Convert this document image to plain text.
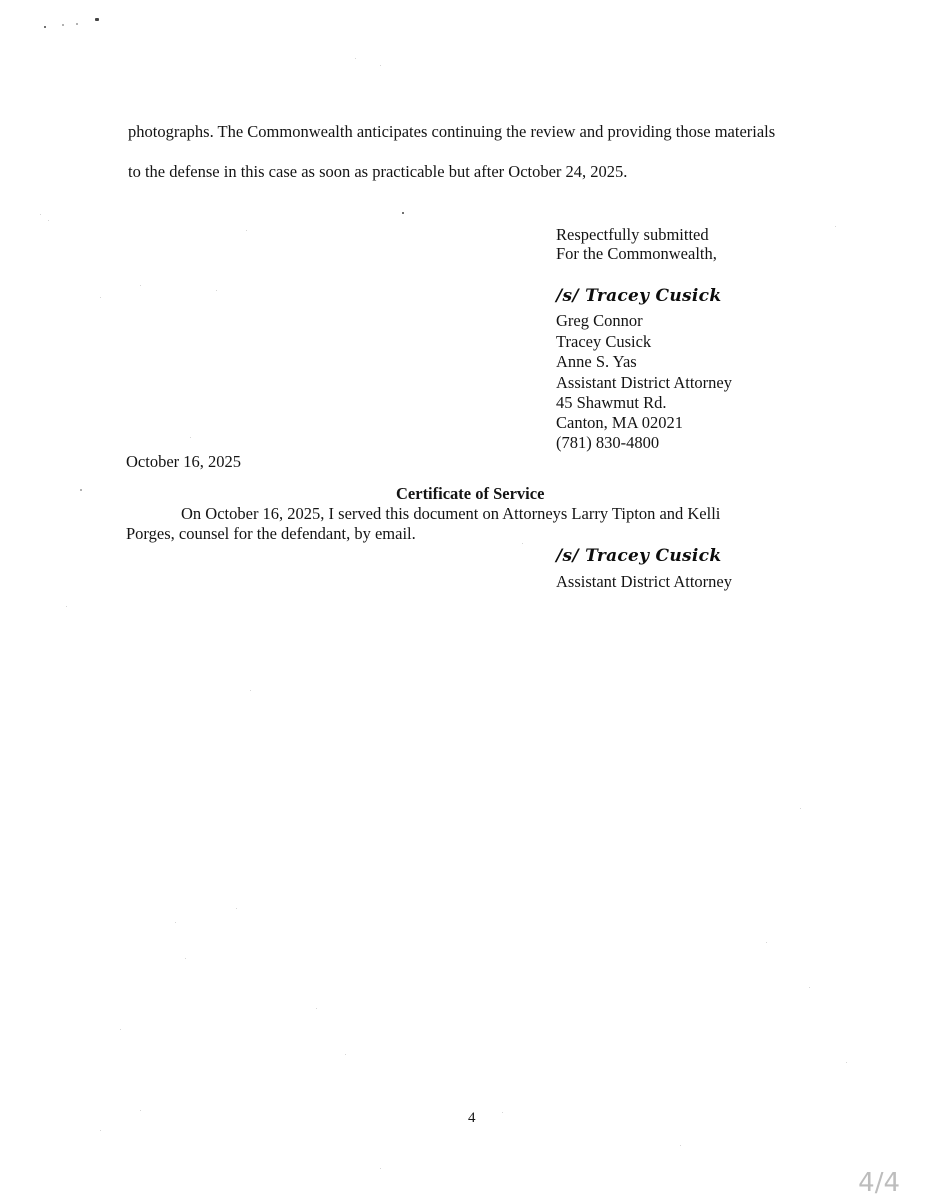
photographs. The Commonwealth anticipates continuing the review and providing those materials
to the defense in this case as soon as practicable but after October 24, 2025.
Respectfully submitted
For the Commonwealth,
/s/ Tracey Cusick
Greg Connor
Tracey Cusick
Anne S. Yas
Assistant District Attorney
45 Shawmut Rd.
Canton, MA 02021
(781) 830-4800
October 16, 2025
Certificate of Service
On October 16, 2025, I served this document on Attorneys Larry Tipton and Kelli
Porges, counsel for the defendant, by email.
/s/ Tracey Cusick
Assistant District Attorney
4
4/4
